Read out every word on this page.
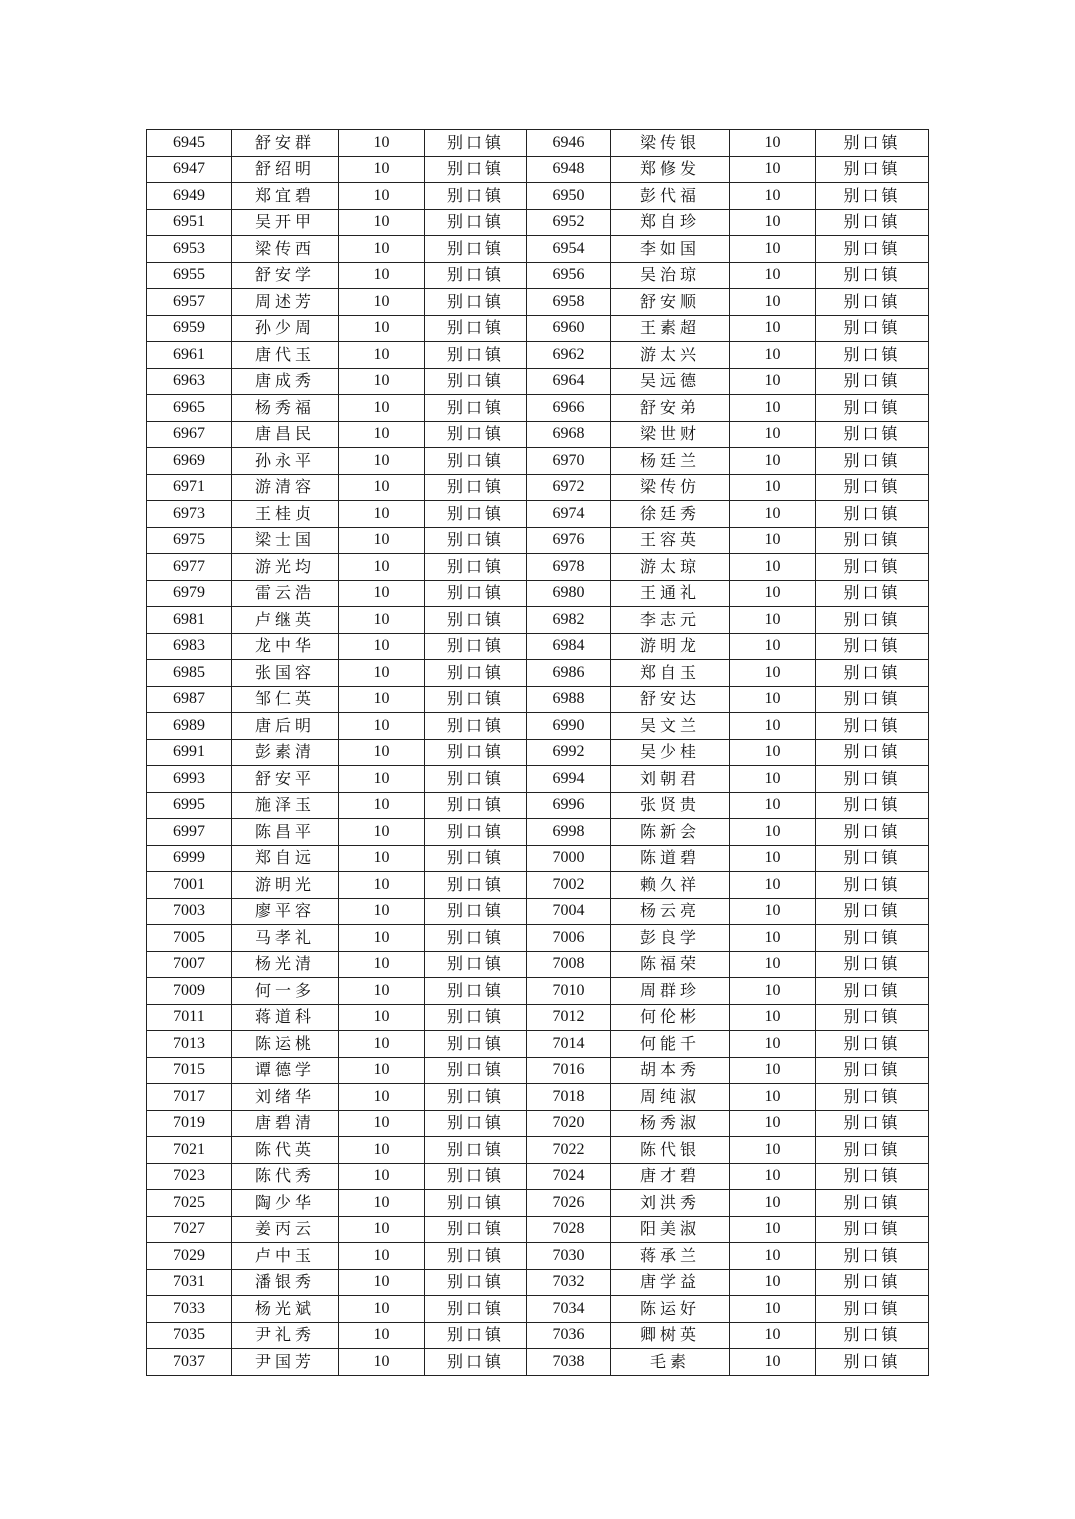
6945	舒安群	10	别口镇	6946	梁传银	10	别口镇
6947	舒绍明	10	别口镇	6948	郑修发	10	别口镇
6949	郑宜碧	10	别口镇	6950	彭代福	10	别口镇
6951	吴开甲	10	别口镇	6952	郑自珍	10	别口镇
6953	梁传西	10	别口镇	6954	李如国	10	别口镇
6955	舒安学	10	别口镇	6956	吴治琼	10	别口镇
6957	周述芳	10	别口镇	6958	舒安顺	10	别口镇
6959	孙少周	10	别口镇	6960	王素超	10	别口镇
6961	唐代玉	10	别口镇	6962	游太兴	10	别口镇
6963	唐成秀	10	别口镇	6964	吴远德	10	别口镇
6965	杨秀福	10	别口镇	6966	舒安弟	10	别口镇
6967	唐昌民	10	别口镇	6968	梁世财	10	别口镇
6969	孙永平	10	别口镇	6970	杨廷兰	10	别口镇
6971	游清容	10	别口镇	6972	梁传仿	10	别口镇
6973	王桂贞	10	别口镇	6974	徐廷秀	10	别口镇
6975	梁士国	10	别口镇	6976	王容英	10	别口镇
6977	游光均	10	别口镇	6978	游太琼	10	别口镇
6979	雷云浩	10	别口镇	6980	王通礼	10	别口镇
6981	卢继英	10	别口镇	6982	李志元	10	别口镇
6983	龙中华	10	别口镇	6984	游明龙	10	别口镇
6985	张国容	10	别口镇	6986	郑自玉	10	别口镇
6987	邹仁英	10	别口镇	6988	舒安达	10	别口镇
6989	唐后明	10	别口镇	6990	吴文兰	10	别口镇
6991	彭素清	10	别口镇	6992	吴少桂	10	别口镇
6993	舒安平	10	别口镇	6994	刘朝君	10	别口镇
6995	施泽玉	10	别口镇	6996	张贤贵	10	别口镇
6997	陈昌平	10	别口镇	6998	陈新会	10	别口镇
6999	郑自远	10	别口镇	7000	陈道碧	10	别口镇
7001	游明光	10	别口镇	7002	赖久祥	10	别口镇
7003	廖平容	10	别口镇	7004	杨云亮	10	别口镇
7005	马孝礼	10	别口镇	7006	彭良学	10	别口镇
7007	杨光清	10	别口镇	7008	陈福荣	10	别口镇
7009	何一多	10	别口镇	7010	周群珍	10	别口镇
7011	蒋道科	10	别口镇	7012	何伦彬	10	别口镇
7013	陈运桃	10	别口镇	7014	何能千	10	别口镇
7015	谭德学	10	别口镇	7016	胡本秀	10	别口镇
7017	刘绪华	10	别口镇	7018	周纯淑	10	别口镇
7019	唐碧清	10	别口镇	7020	杨秀淑	10	别口镇
7021	陈代英	10	别口镇	7022	陈代银	10	别口镇
7023	陈代秀	10	别口镇	7024	唐才碧	10	别口镇
7025	陶少华	10	别口镇	7026	刘洪秀	10	别口镇
7027	姜丙云	10	别口镇	7028	阳美淑	10	别口镇
7029	卢中玉	10	别口镇	7030	蒋承兰	10	别口镇
7031	潘银秀	10	别口镇	7032	唐学益	10	别口镇
7033	杨光斌	10	别口镇	7034	陈运好	10	别口镇
7035	尹礼秀	10	别口镇	7036	卿树英	10	别口镇
7037	尹国芳	10	别口镇	7038	毛素	10	别口镇
